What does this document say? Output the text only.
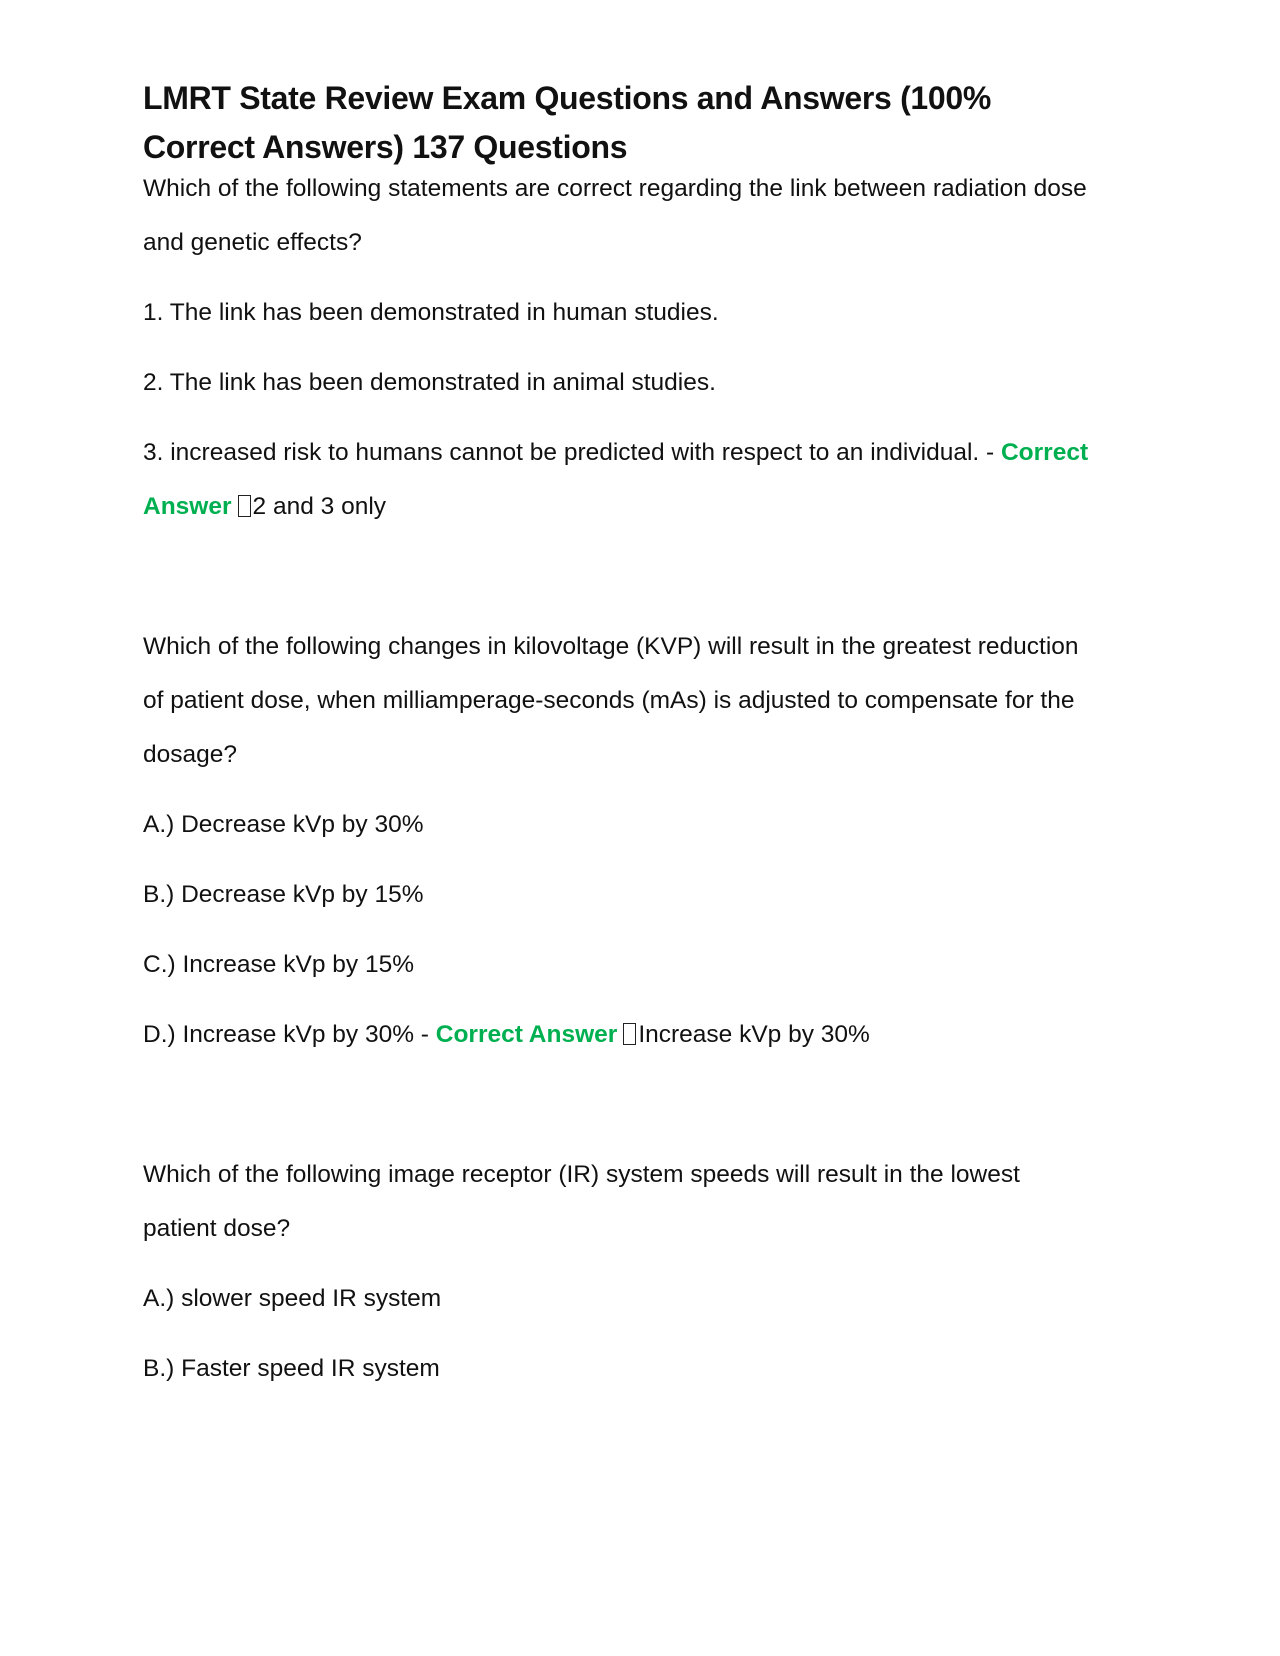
LMRT State Review Exam Questions and Answers (100% Correct Answers) 137 Questions

Which of the following statements are correct regarding the link between radiation dose and genetic effects?

1. The link has been demonstrated in human studies.

2. The link has been demonstrated in animal studies.

3. increased risk to humans cannot be predicted with respect to an individual. - Correct Answer 2 and 3 only

Which of the following changes in kilovoltage (KVP) will result in the greatest reduction of patient dose, when milliamperage-seconds (mAs) is adjusted to compensate for the dosage?

A.) Decrease kVp by 30%

B.) Decrease kVp by 15%

C.) Increase kVp by 15%

D.) Increase kVp by 30% - Correct Answer Increase kVp by 30%

Which of the following image receptor (IR) system speeds will result in the lowest patient dose?

A.) slower speed IR system

B.) Faster speed IR system
